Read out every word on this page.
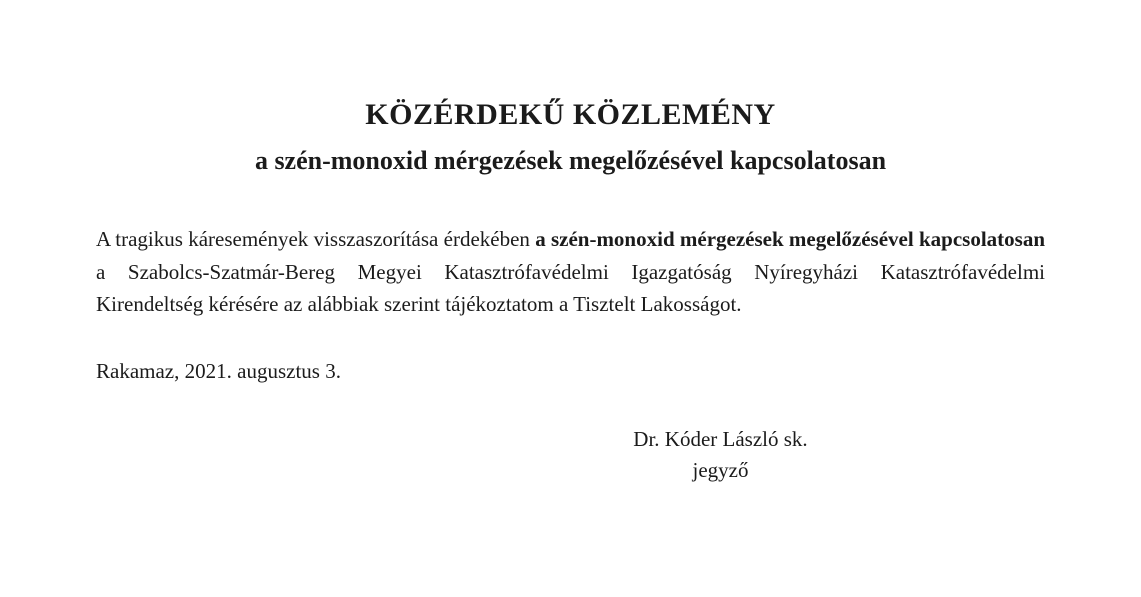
KÖZÉRDEKŰ KÖZLEMÉNY
a szén-monoxid mérgezések megelőzésével kapcsolatosan

A tragikus káresemények visszaszorítása érdekében a szén-monoxid mérgezések megelőzésével kapcsolatosan a Szabolcs-Szatmár-Bereg Megyei Katasztrófavédelmi Igazgatóság Nyíregyházi Katasztrófavédelmi Kirendeltség kérésére az alábbiak szerint tájékoztatom a Tisztelt Lakosságot.

Rakamaz, 2021. augusztus 3.
Dr. Kóder László sk.
jegyző
